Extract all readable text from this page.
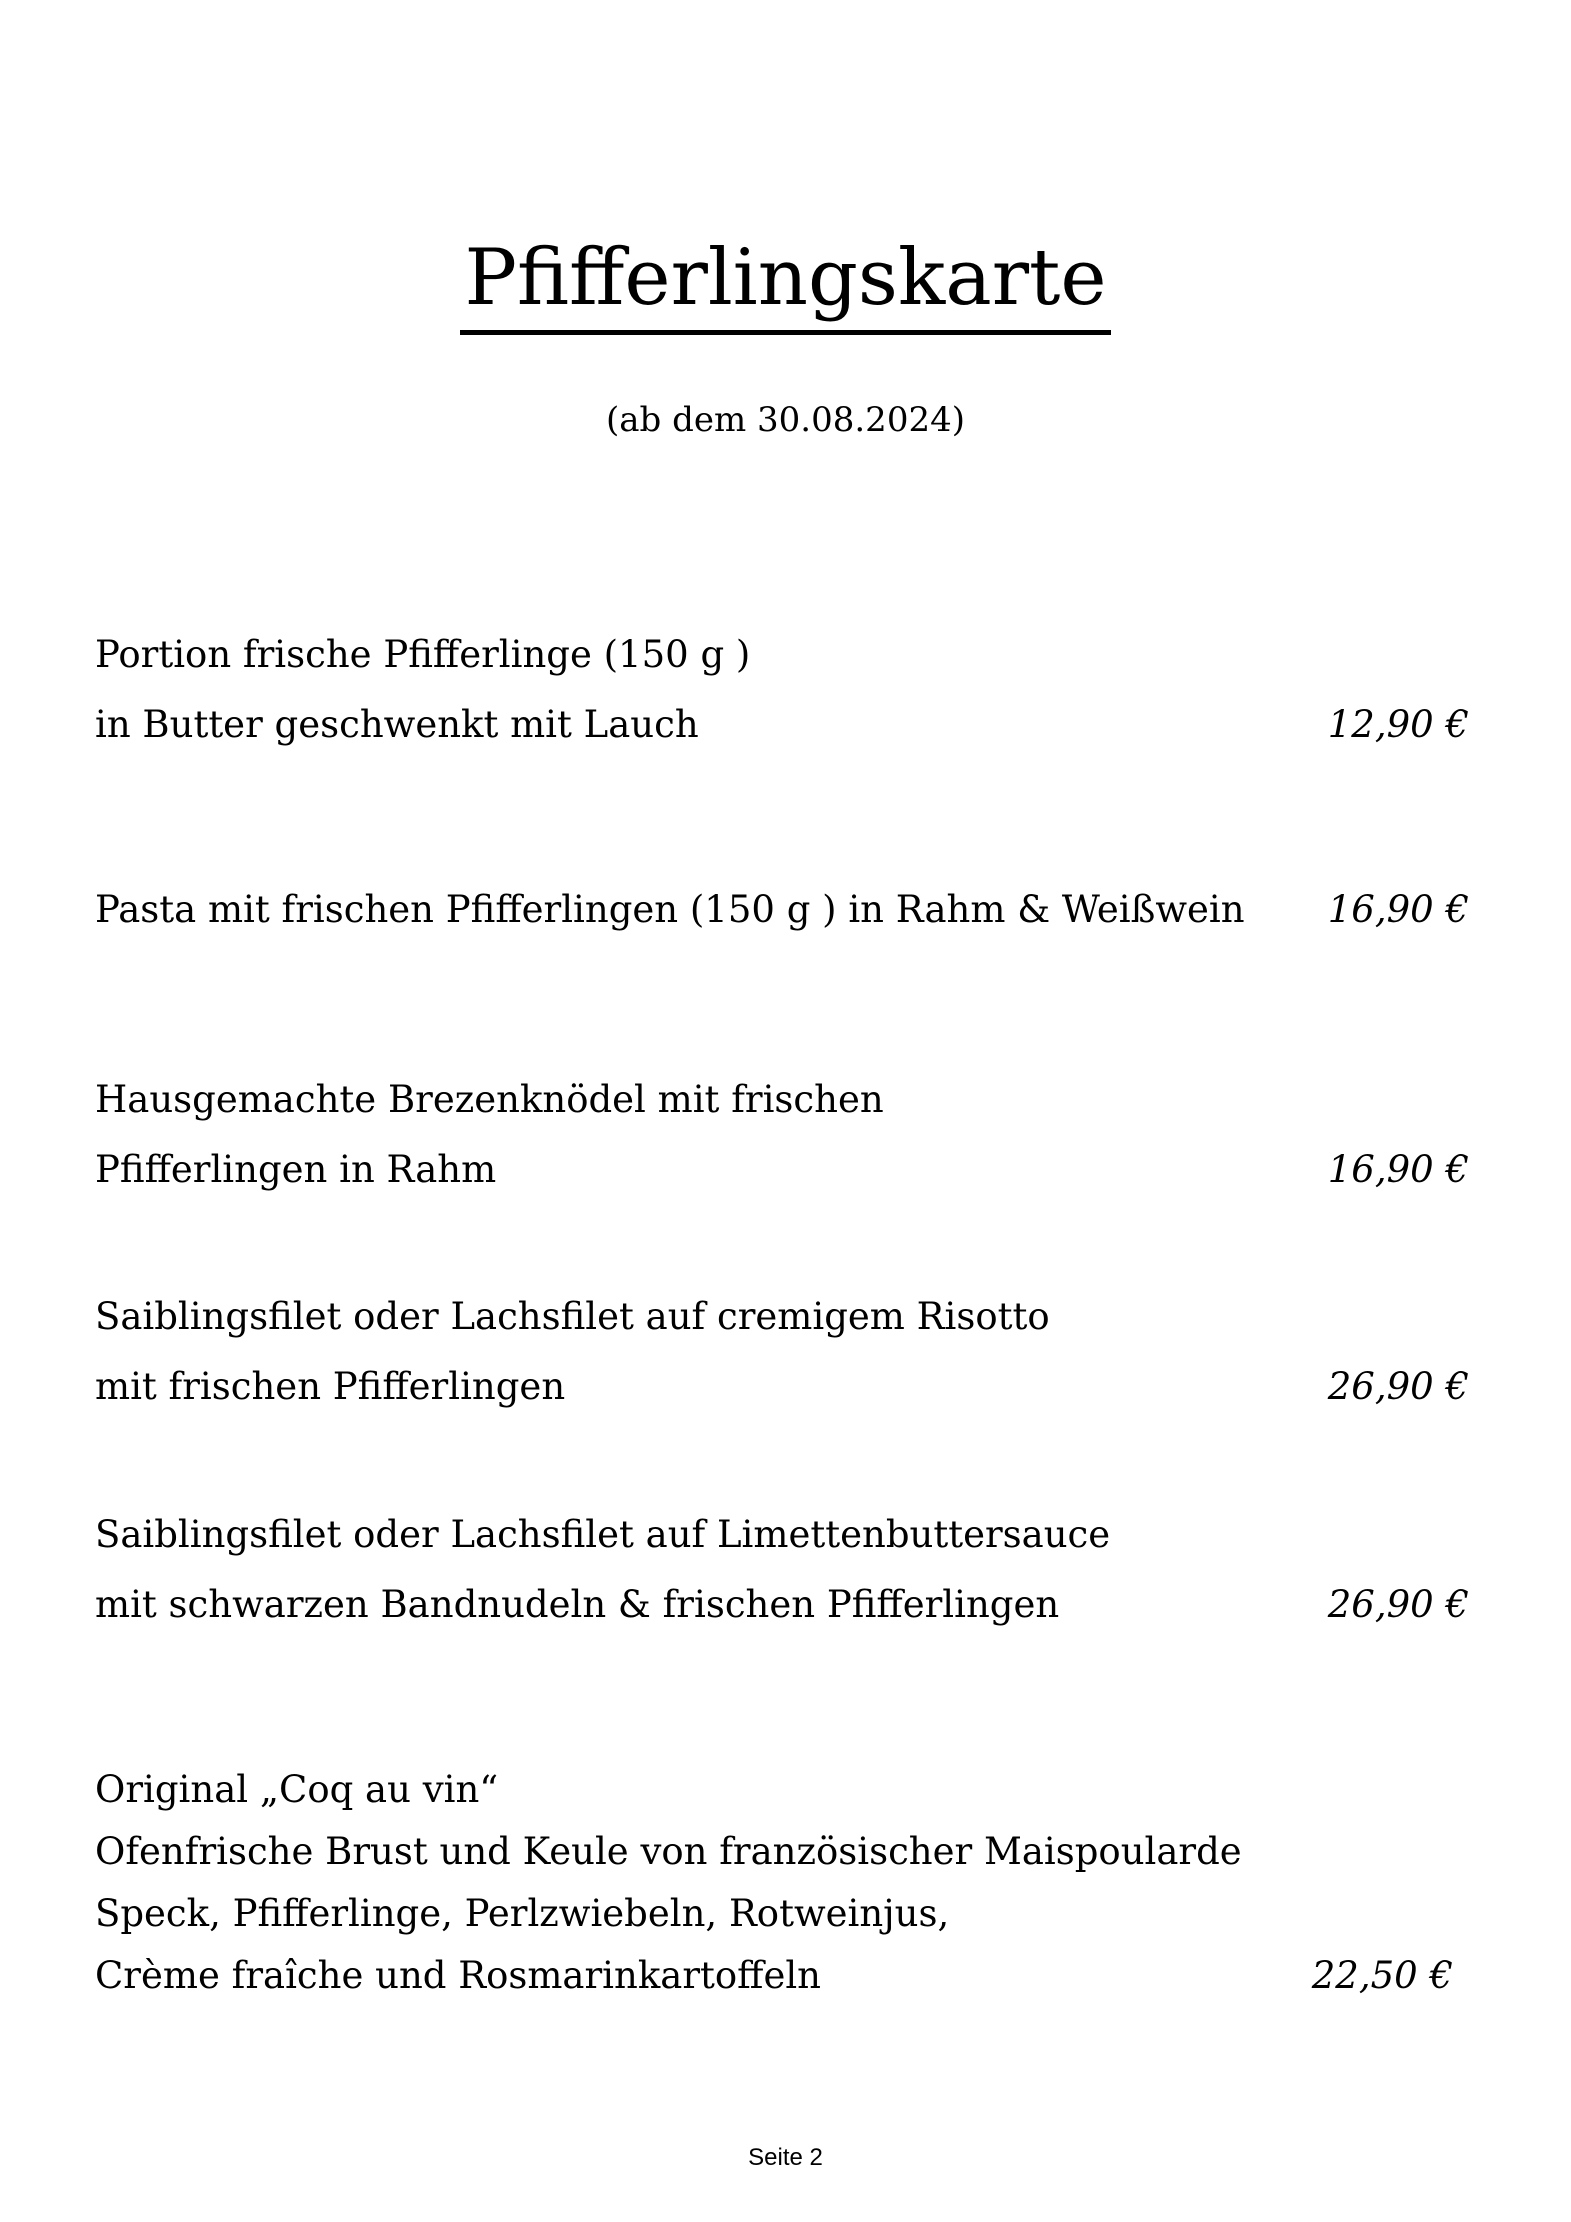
Pfifferlingskarte
(ab dem 30.08.2024)
Portion frische Pfifferlinge (150 g )
in Butter geschwenkt mit Lauch	12,90 €
Pasta mit frischen Pfifferlingen (150 g ) in Rahm & Weißwein	16,90 €
Hausgemachte Brezenknödel mit frischen
Pfifferlingen in Rahm	16,90 €
Saiblingsfilet oder Lachsfilet auf cremigem Risotto
mit frischen Pfifferlingen	26,90 €
Saiblingsfilet oder Lachsfilet auf Limettenbuttersauce
mit schwarzen Bandnudeln & frischen Pfifferlingen	26,90 €
Original „Coq au vin“
Ofenfrische Brust und Keule von französischer Maispoularde
Speck, Pfifferlinge, Perlzwiebeln, Rotweinjus,
Crème fraîche und Rosmarinkartoffeln	22,50 €
Seite 2
